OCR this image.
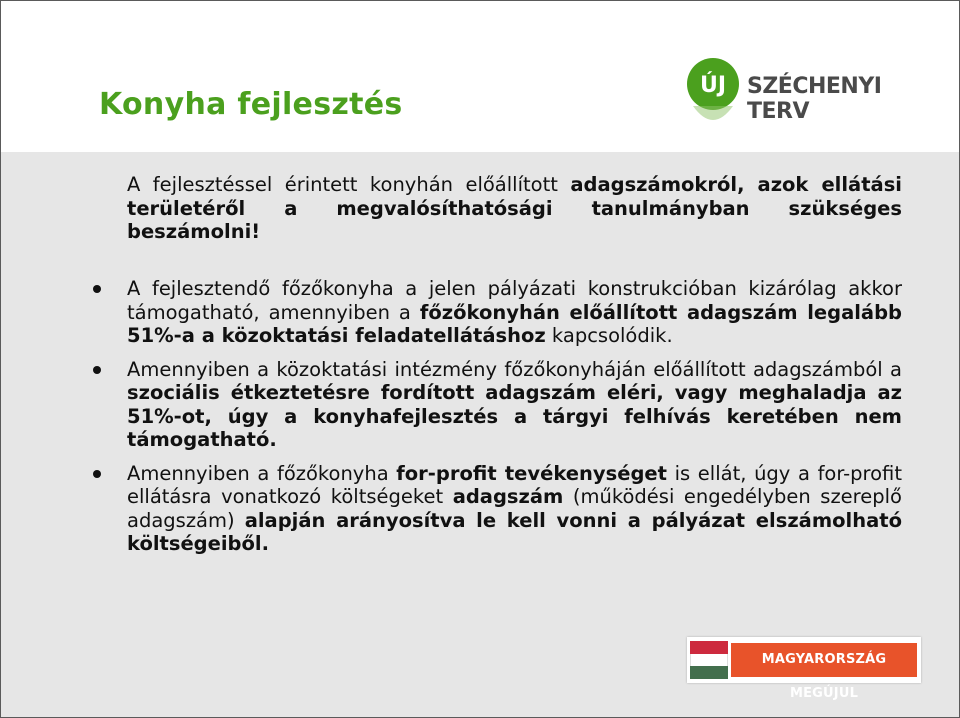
Konyha fejlesztés
ÚJ SZÉCHENYI TERV
A fejlesztéssel érintett konyhán előállított adagszámokról, azok ellátási területéről a megvalósíthatósági tanulmányban szükséges beszámolni!
A fejlesztendő főzőkonyha a jelen pályázati konstrukcióban kizárólag akkor támogatható, amennyiben a főzőkonyhán előállított adagszám legalább 51%-a a közoktatási feladatellátáshoz kapcsolódik.
Amennyiben a közoktatási intézmény főzőkonyháján előállított adagszámból a szociális étkeztetésre fordított adagszám eléri, vagy meghaladja az 51%-ot, úgy a konyhafejlesztés a tárgyi felhívás keretében nem támogatható.
Amennyiben a főzőkonyha for-profit tevékenységet is ellát, úgy a for-profit ellátásra vonatkozó költségeket adagszám (működési engedélyben szereplő adagszám) alapján arányosítva le kell vonni a pályázat elszámolható költségeiből.
MAGYARORSZÁG MEGÚJUL
